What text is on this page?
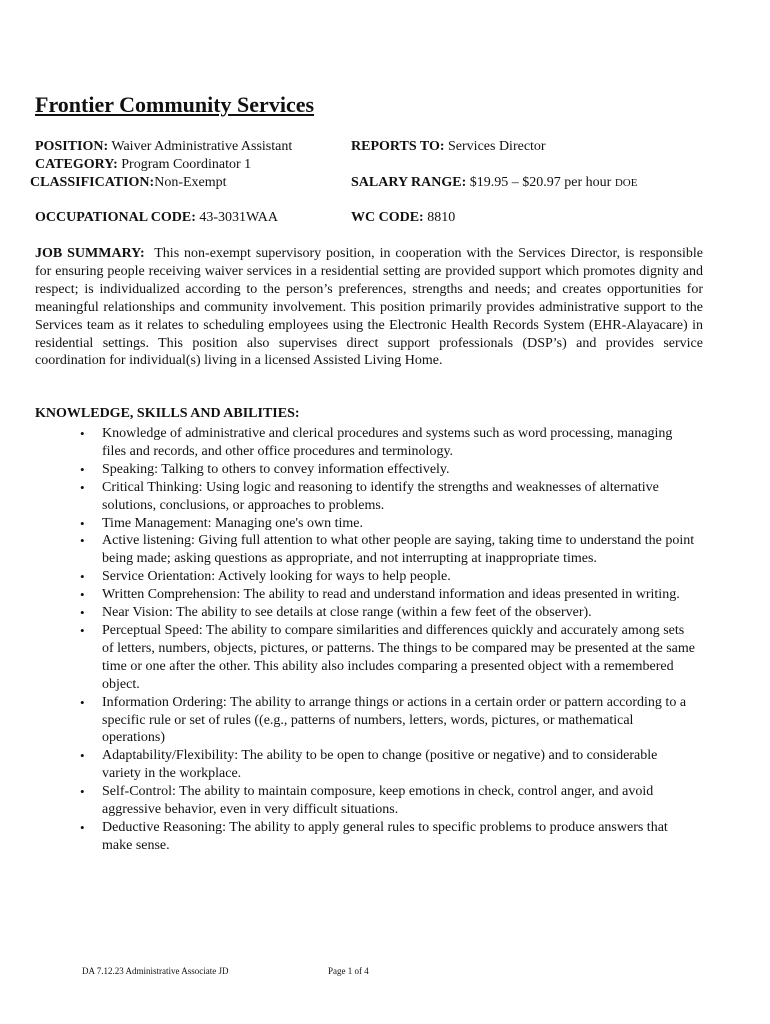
Frontier Community Services
POSITION: Waiver Administrative Assistant	REPORTS TO: Services Director
CATEGORY: Program Coordinator 1
CLASSIFICATION:Non-Exempt	SALARY RANGE: $19.95 – $20.97 per hour DOE
OCCUPATIONAL CODE: 43-3031WAA	WC CODE: 8810
JOB SUMMARY: This non-exempt supervisory position, in cooperation with the Services Director, is responsible for ensuring people receiving waiver services in a residential setting are provided support which promotes dignity and respect; is individualized according to the person’s preferences, strengths and needs; and creates opportunities for meaningful relationships and community involvement. This position primarily provides administrative support to the Services team as it relates to scheduling employees using the Electronic Health Records System (EHR-Alayacare) in residential settings. This position also supervises direct support professionals (DSP’s) and provides service coordination for individual(s) living in a licensed Assisted Living Home.
KNOWLEDGE, SKILLS AND ABILITIES:
• Knowledge of administrative and clerical procedures and systems such as word processing, managing files and records, and other office procedures and terminology.
• Speaking: Talking to others to convey information effectively.
• Critical Thinking: Using logic and reasoning to identify the strengths and weaknesses of alternative solutions, conclusions, or approaches to problems.
• Time Management: Managing one's own time.
• Active listening: Giving full attention to what other people are saying, taking time to understand the point being made; asking questions as appropriate, and not interrupting at inappropriate times.
• Service Orientation: Actively looking for ways to help people.
• Written Comprehension: The ability to read and understand information and ideas presented in writing.
• Near Vision: The ability to see details at close range (within a few feet of the observer).
• Perceptual Speed: The ability to compare similarities and differences quickly and accurately among sets of letters, numbers, objects, pictures, or patterns. The things to be compared may be presented at the same time or one after the other. This ability also includes comparing a presented object with a remembered object.
• Information Ordering: The ability to arrange things or actions in a certain order or pattern according to a specific rule or set of rules ((e.g., patterns of numbers, letters, words, pictures, or mathematical operations)
• Adaptability/Flexibility: The ability to be open to change (positive or negative) and to considerable variety in the workplace.
• Self-Control: The ability to maintain composure, keep emotions in check, control anger, and avoid aggressive behavior, even in very difficult situations.
• Deductive Reasoning: The ability to apply general rules to specific problems to produce answers that make sense.
DA 7.12.23 Administrative Associate JD	Page 1 of 4
